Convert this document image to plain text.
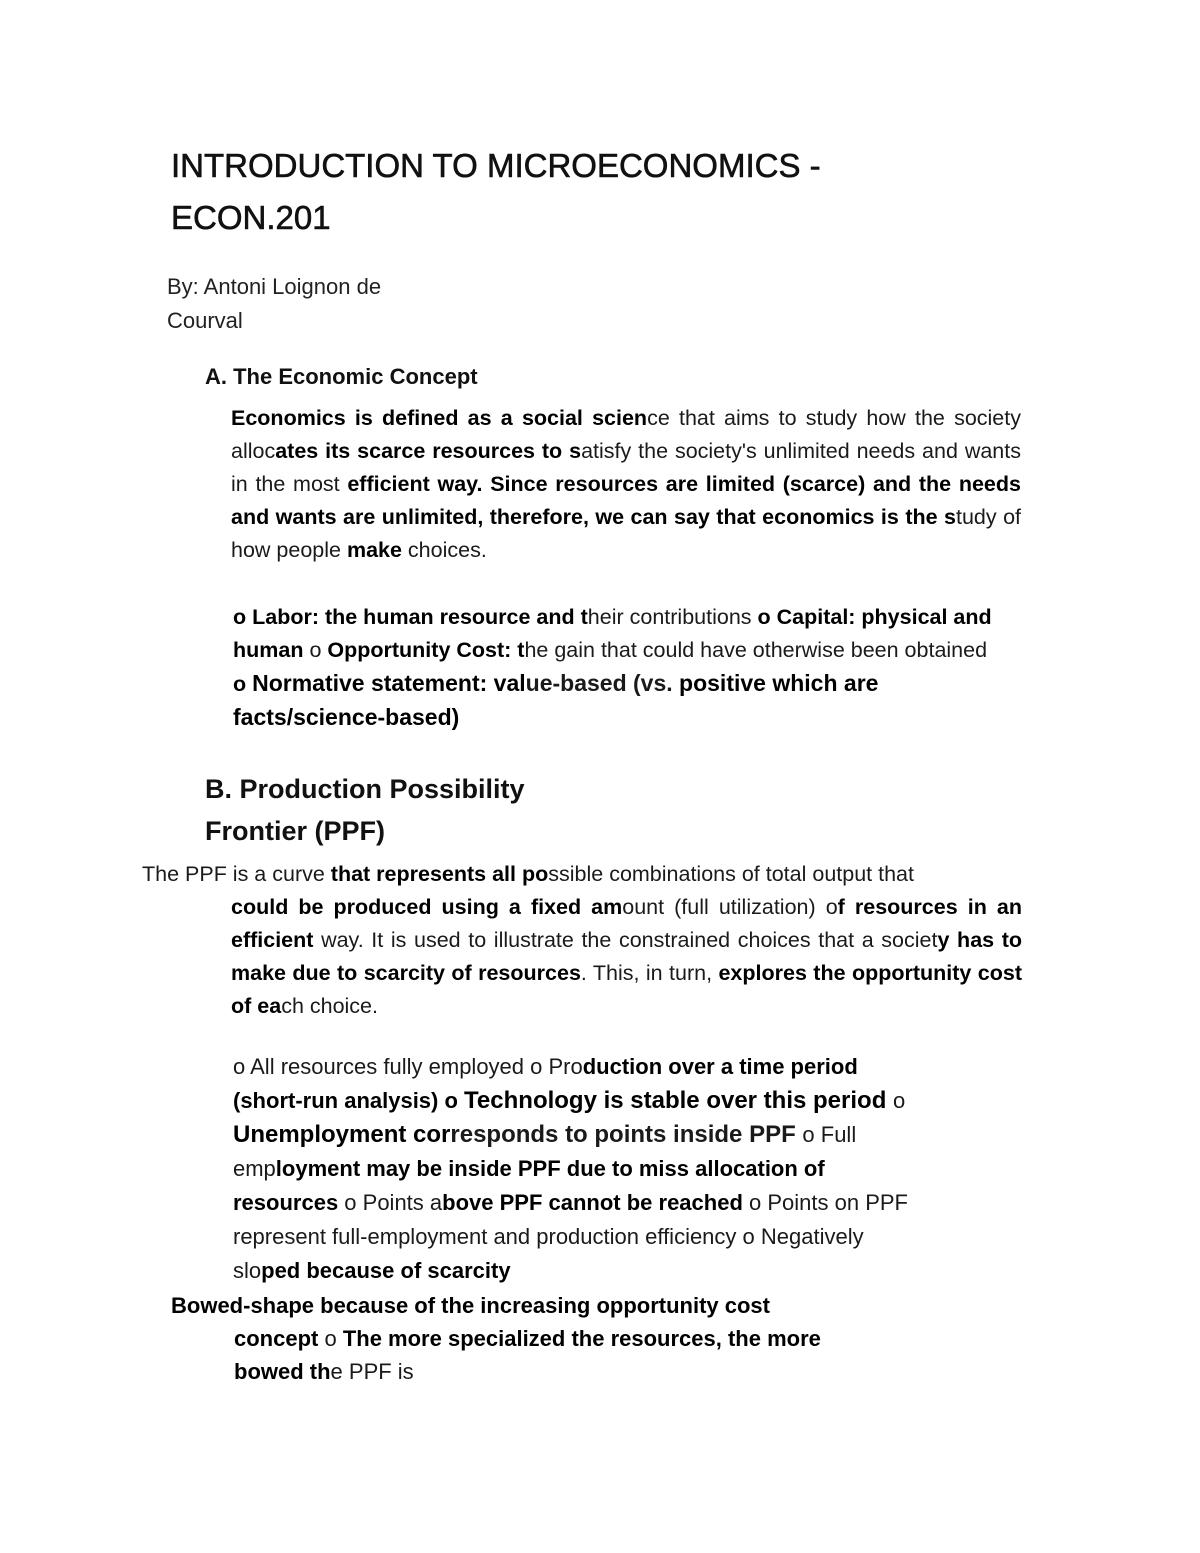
INTRODUCTION TO MICROECONOMICS -
ECON.201
By: Antoni Loignon de
Courval
A. The Economic Concept

Economics is defined as a social science that aims to study how the society allocates its scarce resources to satisfy the society's unlimited needs and wants in the most efficient way. Since resources are limited (scarce) and the needs and wants are unlimited, therefore, we can say that economics is the study of how people make choices.

o Labor: the human resource and their contributions o Capital: physical and human o Opportunity Cost: the gain that could have otherwise been obtained o Normative statement: value-based (vs. positive which are facts/science-based)

B. Production Possibility
Frontier (PPF)

The PPF is a curve that represents all possible combinations of total output that
could be produced using a fixed amount (full utilization) of resources in an efficient way. It is used to illustrate the constrained choices that a society has to make due to scarcity of resources. This, in turn, explores the opportunity cost of each choice.

o All resources fully employed o Production over a time period (short-run analysis) o Technology is stable over this period o Unemployment corresponds to points inside PPF o Full employment may be inside PPF due to miss allocation of resources o Points above PPF cannot be reached o Points on PPF represent full-employment and production efficiency o Negatively sloped because of scarcity

Bowed-shape because of the increasing opportunity cost
concept o The more specialized the resources, the more bowed the PPF is
